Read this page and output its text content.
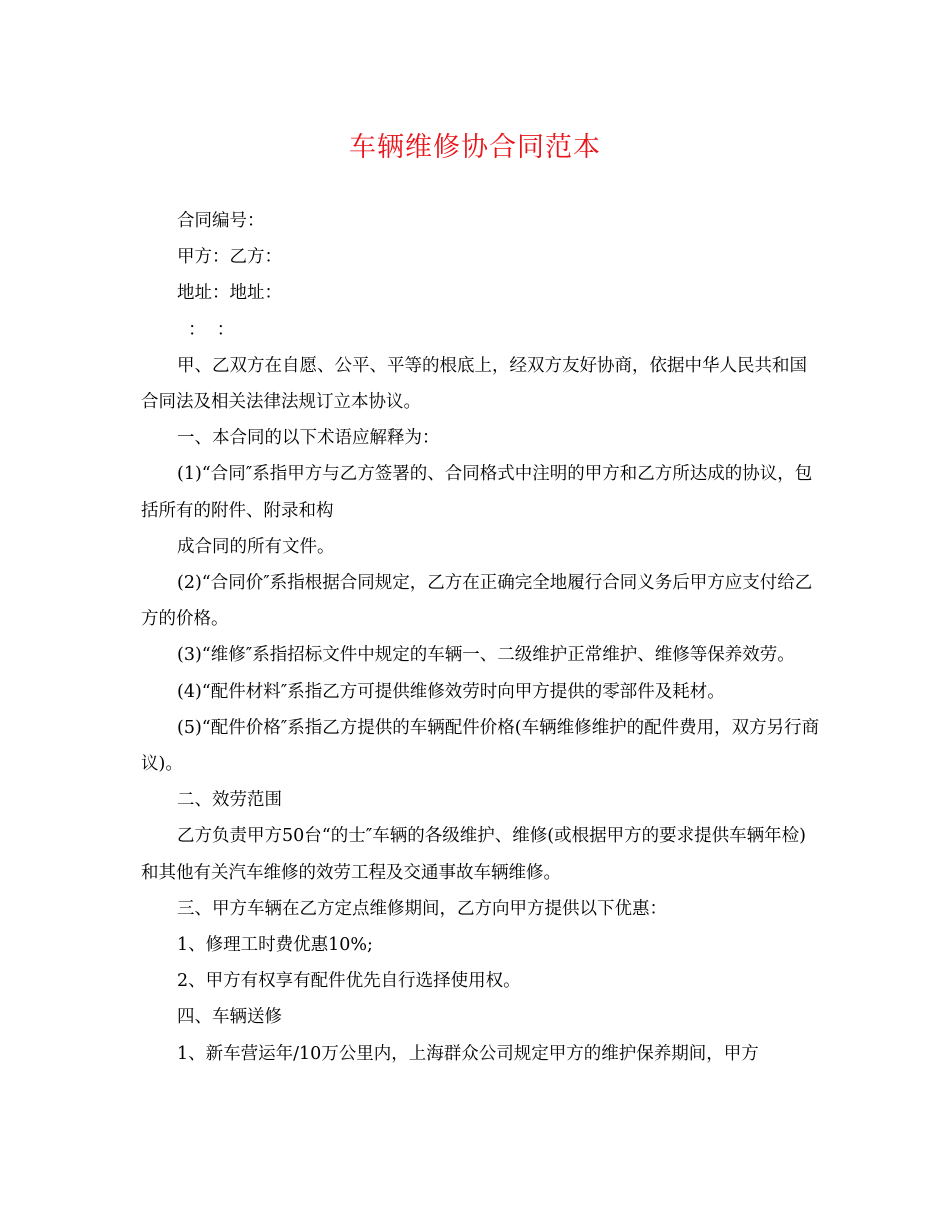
车辆维修协合同范本

合同编号：

甲方：乙方：

地址：地址：

：  ：

甲、乙双方在自愿、公平、平等的根底上，经双方友好协商，依据中华人民共和国合同法及相关法律法规订立本协议。

一、本合同的以下术语应解释为：

(1)“合同″系指甲方与乙方签署的、合同格式中注明的甲方和乙方所达成的协议，包括所有的附件、附录和构

成合同的所有文件。

(2)“合同价″系指根据合同规定，乙方在正确完全地履行合同义务后甲方应支付给乙方的价格。

(3)“维修″系指招标文件中规定的车辆一、二级维护正常维护、维修等保养效劳。

(4)“配件材料″系指乙方可提供维修效劳时向甲方提供的零部件及耗材。

(5)“配件价格″系指乙方提供的车辆配件价格(车辆维修维护的配件费用，双方另行商议)。

二、效劳范围

乙方负责甲方50台“的士″车辆的各级维护、维修(或根据甲方的要求提供车辆年检)和其他有关汽车维修的效劳工程及交通事故车辆维修。

三、甲方车辆在乙方定点维修期间，乙方向甲方提供以下优惠：

1、修理工时费优惠10%;

2、甲方有权享有配件优先自行选择使用权。

四、车辆送修

1、新车营运年/10万公里内，上海群众公司规定甲方的维护保养期间，甲方
